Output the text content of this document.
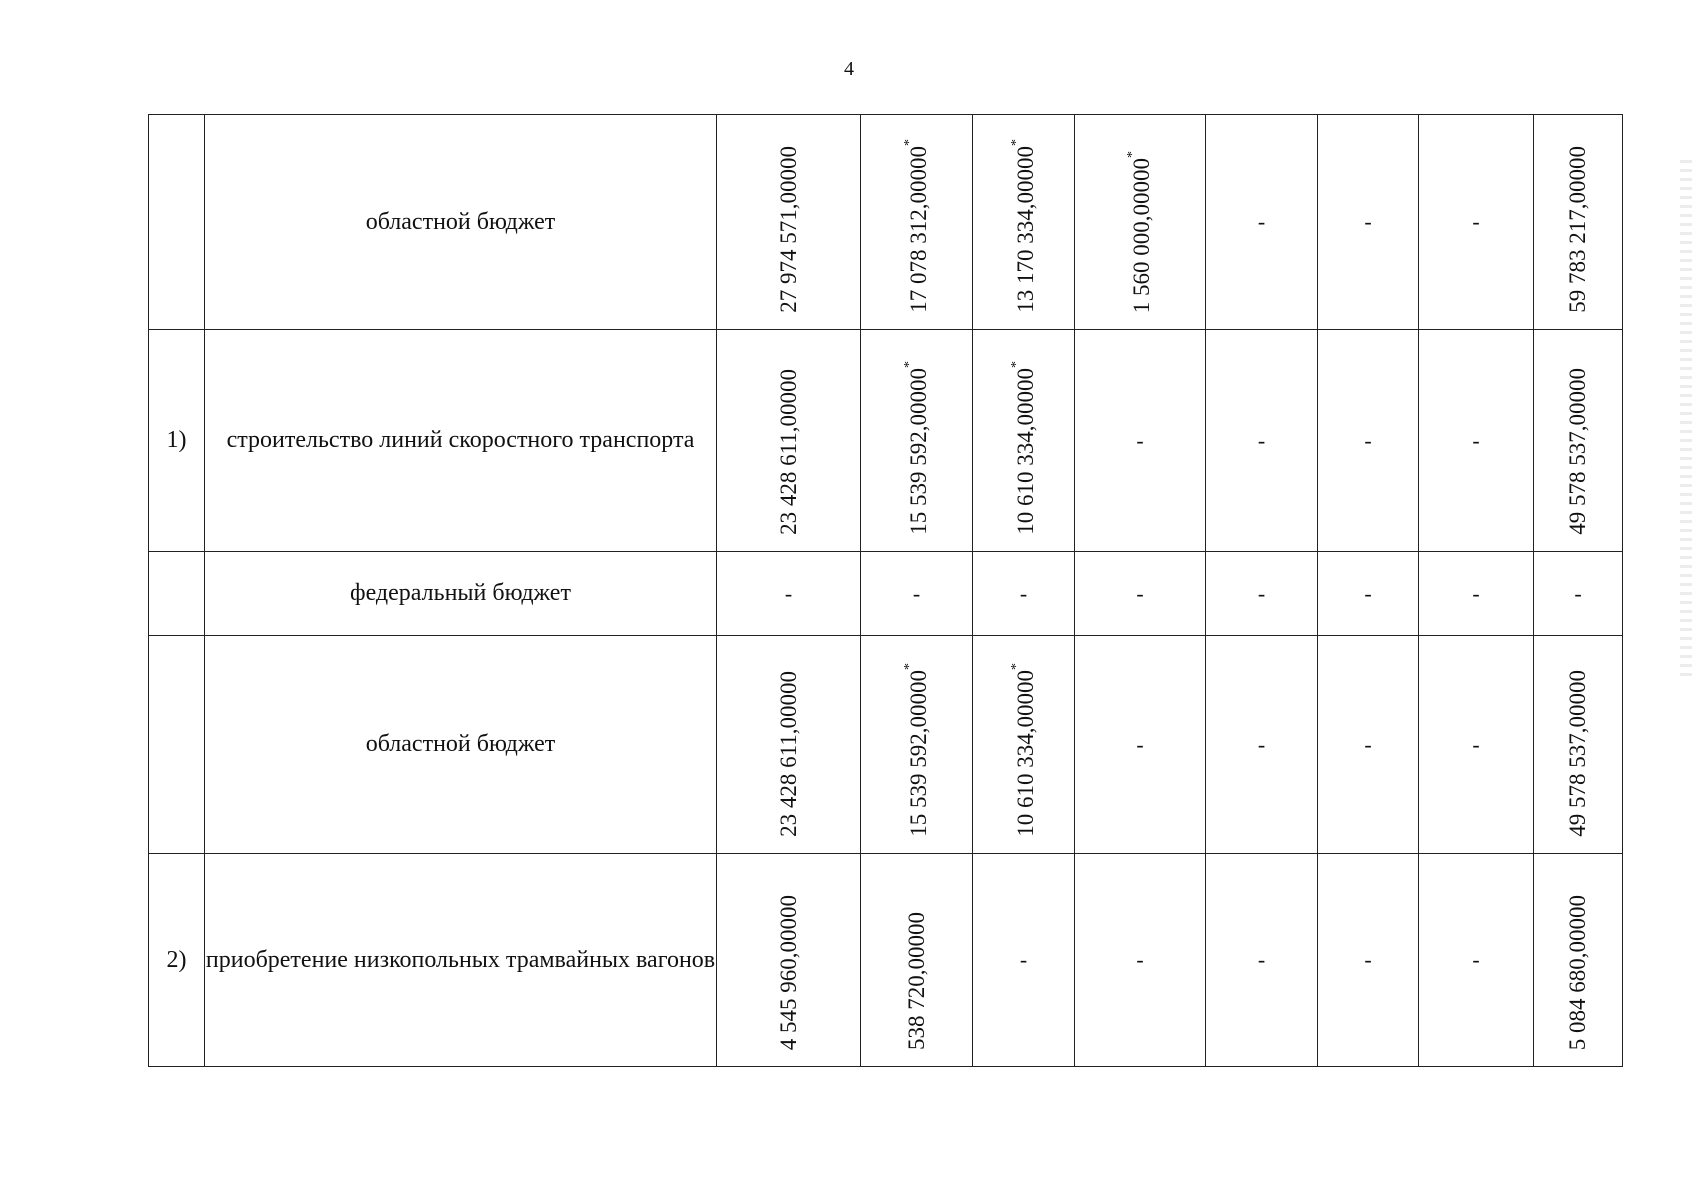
4
	областной бюджет	27 974 571,00000	17 078 312,00000*	13 170 334,00000*	1 560 000,00000*	-	-	-	59 783 217,00000

1)	строительство линий скоростного транспорта	23 428 611,00000	15 539 592,00000*	10 610 334,00000*	-	-	-	-	49 578 537,00000

	федеральный бюджет	-	-	-	-	-	-	-	-

	областной бюджет	23 428 611,00000	15 539 592,00000*	10 610 334,00000*	-	-	-	-	49 578 537,00000

2)	приобретение низкопольных трамвайных вагонов	4 545 960,00000	538 720,00000	-	-	-	-	-	5 084 680,00000
